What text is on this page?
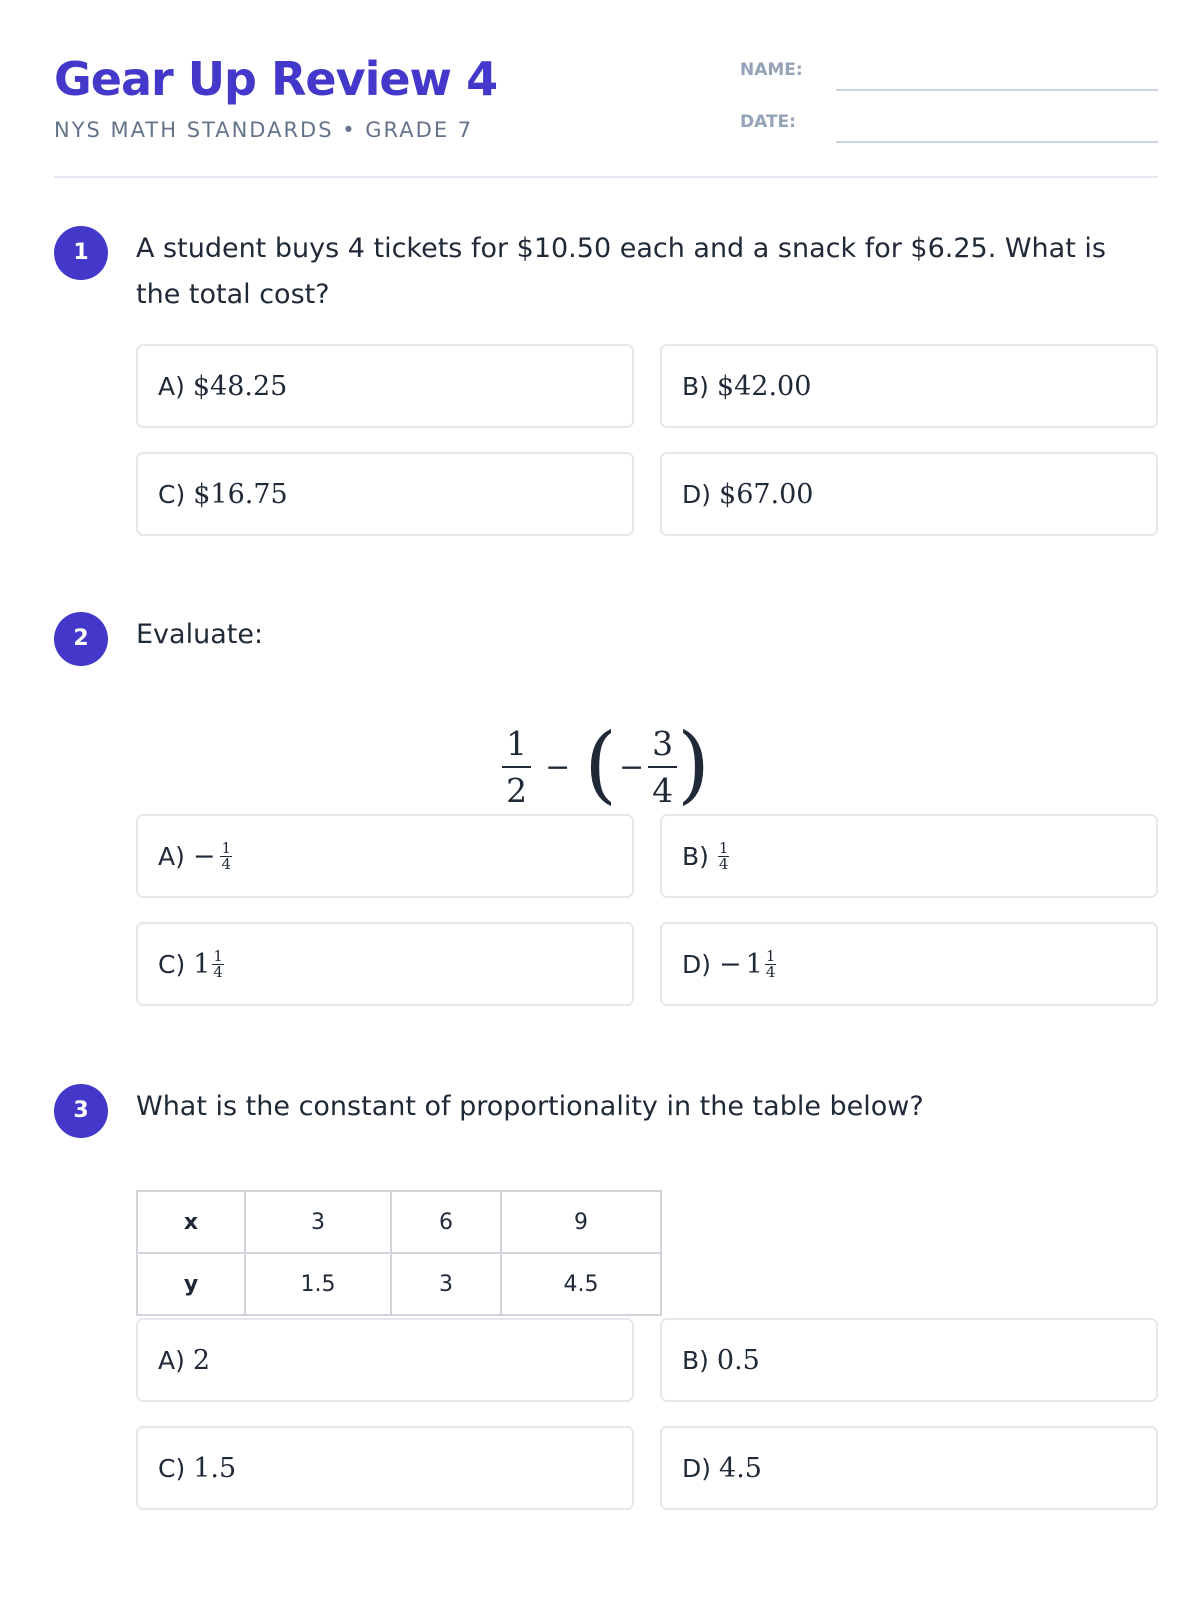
Gear Up Review 4
NYS MATH STANDARDS • GRADE 7
NAME:
DATE:
1	A student buys 4 tickets for $10.50 each and a snack for $6.25. What is the total cost?
A) $48.25	B) $42.00
C) $16.75	D) $67.00
2	Evaluate:
$\frac{1}{2}$ − ( − $\frac{3}{4}$ )
$A) - \frac{1}{4}$	$B) \frac{1}{4}$
C) $1 \frac{1}{4}$	$D) - 1 \frac{1}{4}$
3	What is the constant of proportionality in the table below?
x	3	6	9
y	1.5	3	4.5
A) 2	B) 0.5
C) 1.5	D) 4.5
